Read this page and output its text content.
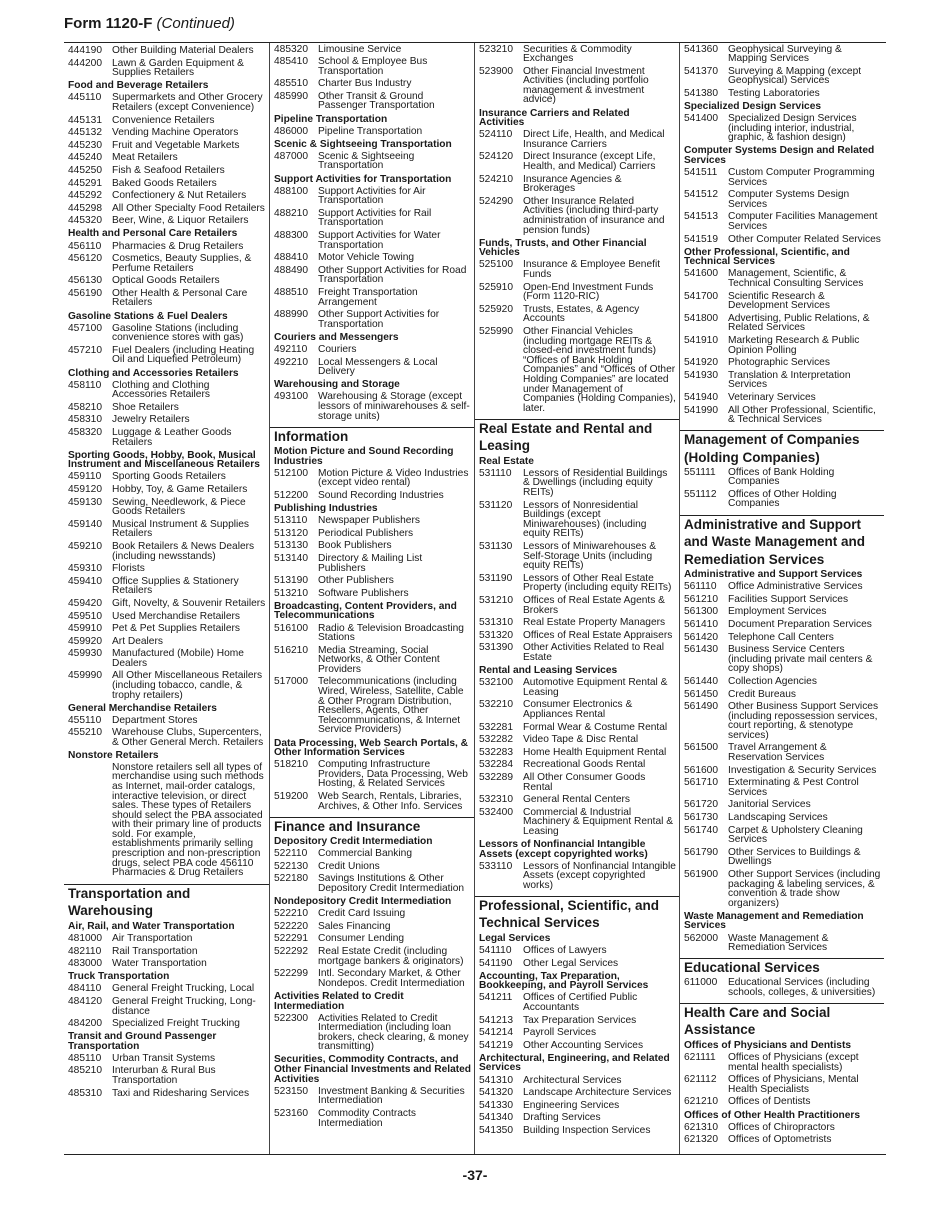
Form 1120-F (Continued)
444190 Other Building Material Dealers
444200 Lawn & Garden Equipment & Supplies Retailers
Food and Beverage Retailers
445110	Supermarkets and Other Grocery Retailers (except Convenience)
445131 Convenience Retailers
445132 Vending Machine Operators
445230 Fruit and Vegetable Markets
445240 Meat Retailers
445250 Fish & Seafood Retailers
445291 Baked Goods Retailers
445292 Confectionery & Nut Retailers
445298 All Other Specialty Food Retailers
445320 Beer, Wine, & Liquor Retailers
Health and Personal Care Retailers
456110	Pharmacies & Drug Retailers
456120 Cosmetics, Beauty Supplies, & Perfume Retailers
456130 Optical Goods Retailers
456190 Other Health & Personal Care Retailers
Gasoline Stations & Fuel Dealers
457100 Gasoline Stations (including convenience stores with gas)
457210 Fuel Dealers (including Heating Oil and Liquefied Petroleum)
Clothing and Accessories Retailers
458110	Clothing and Clothing Accessories Retailers
458210 Shoe Retailers
458310 Jewelry Retailers
458320 Luggage & Leather Goods Retailers
Sporting Goods, Hobby, Book, Musical Instrument and Miscellaneous Retailers
459110	Sporting Goods Retailers
459120 Hobby, Toy, & Game Retailers
459130 Sewing, Needlework, & Piece Goods Retailers
459140 Musical Instrument & Supplies Retailers
459210 Book Retailers & News Dealers (including newsstands)
459310 Florists
459410 Office Supplies & Stationery Retailers
459420 Gift, Novelty, & Souvenir Retailers
459510 Used Merchandise Retailers
459910 Pet & Pet Supplies Retailers
459920 Art Dealers
459930 Manufactured (Mobile) Home Dealers
459990 All Other Miscellaneous Retailers (including tobacco, candle, & trophy retailers)
General Merchandise Retailers
455110	Department Stores
455210 Warehouse Clubs, Supercenters, & Other General Merch. Retailers
Nonstore Retailers
Nonstore retailers sell all types of merchandise using such methods as Internet, mail-order catalogs, interactive television, or direct sales. These types of Retailers should select the PBA associated with their primary line of products sold. For example, establishments primarily selling prescription and non-prescription drugs, select PBA code 456110 Pharmacies & Drug Retailers
Transportation and Warehousing
Air, Rail, and Water Transportation
481000 Air Transportation
482110	Rail Transportation
483000 Water Transportation
Truck Transportation
484110	General Freight Trucking, Local
484120 General Freight Trucking, Long-distance
484200 Specialized Freight Trucking
Transit and Ground Passenger Transportation
485110	Urban Transit Systems
485210 Interurban & Rural Bus Transportation
485310 Taxi and Ridesharing Services
485320 Limousine Service
485410 School & Employee Bus Transportation
485510 Charter Bus Industry
485990 Other Transit & Ground Passenger Transportation
Pipeline Transportation
486000 Pipeline Transportation
Scenic & Sightseeing Transportation
487000 Scenic & Sightseeing Transportation
Support Activities for Transportation
488100 Support Activities for Air Transportation
488210 Support Activities for Rail Transportation
488300 Support Activities for Water Transportation
488410 Motor Vehicle Towing
488490 Other Support Activities for Road Transportation
488510 Freight Transportation Arrangement
488990 Other Support Activities for Transportation
Couriers and Messengers
492110	Couriers
492210 Local Messengers & Local Delivery
Warehousing and Storage
493100 Warehousing & Storage (except lessors of miniwarehouses & self-storage units)
Information
Motion Picture and Sound Recording Industries
512100 Motion Picture & Video Industries (except video rental)
512200 Sound Recording Industries
Publishing Industries
513110	Newspaper Publishers
513120 Periodical Publishers
513130 Book Publishers
513140 Directory & Mailing List Publishers
513190 Other Publishers
513210 Software Publishers
Broadcasting, Content Providers, and Telecommunications
516100 Radio & Television Broadcasting Stations
516210 Media Streaming, Social Networks, & Other Content Providers
517000 Telecommunications (including Wired, Wireless, Satellite, Cable & Other Program Distribution, Resellers, Agents, Other Telecommunications, & Internet Service Providers)
Data Processing, Web Search Portals, & Other Information Services
518210 Computing Infrastructure Providers, Data Processing, Web Hosting, & Related Services
519200 Web Search, Rentals, Libraries, Archives, & Other Info. Services
Finance and Insurance
Depository Credit Intermediation
522110	Commercial Banking
522130 Credit Unions
522180 Savings Institutions & Other Depository Credit Intermediation
Nondepository Credit Intermediation
522210 Credit Card Issuing
522220 Sales Financing
522291 Consumer Lending
522292 Real Estate Credit (including mortgage bankers & originators)
522299 Intl. Secondary Market, & Other Nondepos. Credit Intermediation
Activities Related to Credit Intermediation
522300 Activities Related to Credit Intermediation (including loan brokers, check clearing, & money transmitting)
Securities, Commodity Contracts, and Other Financial Investments and Related Activities
523150 Investment Banking & Securities Intermediation
523160 Commodity Contracts Intermediation
523210 Securities & Commodity Exchanges
523900 Other Financial Investment Activities (including portfolio management & investment advice)
Insurance Carriers and Related Activities
524110	Direct Life, Health, and Medical Insurance Carriers
524120 Direct Insurance (except Life, Health, and Medical) Carriers
524210 Insurance Agencies & Brokerages
524290 Other Insurance Related Activities (including third-party administration of insurance and pension funds)
Funds, Trusts, and Other Financial Vehicles
525100 Insurance & Employee Benefit Funds
525910 Open-End Investment Funds (Form 1120-RIC)
525920 Trusts, Estates, & Agency Accounts
525990 Other Financial Vehicles (including mortgage REITs & closed-end investment funds) “Offices of Bank Holding Companies” and “Offices of Other Holding Companies” are located under Management of Companies (Holding Companies), later.
Real Estate and Rental and Leasing
Real Estate
531110	Lessors of Residential Buildings & Dwellings (including equity REITs)
531120	Lessors of Nonresidential Buildings (except Miniwarehouses) (including equity REITs)
531130	Lessors of Miniwarehouses & Self-Storage Units (including equity REITs)
531190	Lessors of Other Real Estate Property (including equity REITs)
531210 Offices of Real Estate Agents & Brokers
531310 Real Estate Property Managers
531320 Offices of Real Estate Appraisers
531390 Other Activities Related to Real Estate
Rental and Leasing Services
532100 Automotive Equipment Rental & Leasing
532210 Consumer Electronics & Appliances Rental
532281 Formal Wear & Costume Rental
532282 Video Tape & Disc Rental
532283 Home Health Equipment Rental
532284 Recreational Goods Rental
532289 All Other Consumer Goods Rental
532310 General Rental Centers
532400 Commercial & Industrial Machinery & Equipment Rental & Leasing
Lessors of Nonfinancial Intangible Assets (except copyrighted works)
533110	Lessors of Nonfinancial Intangible Assets (except copyrighted works)
Professional, Scientific, and Technical Services
Legal Services
541110	Offices of Lawyers
541190	Other Legal Services
Accounting, Tax Preparation, Bookkeeping, and Payroll Services
541211	Offices of Certified Public Accountants
541213 Tax Preparation Services
541214 Payroll Services
541219 Other Accounting Services
Architectural, Engineering, and Related Services
541310 Architectural Services
541320 Landscape Architecture Services
541330 Engineering Services
541340 Drafting Services
541350 Building Inspection Services
541360 Geophysical Surveying & Mapping Services
541370 Surveying & Mapping (except Geophysical) Services
541380 Testing Laboratories
Specialized Design Services
541400 Specialized Design Services (including interior, industrial, graphic, & fashion design)
Computer Systems Design and Related Services
541511	Custom Computer Programming Services
541512 Computer Systems Design Services
541513 Computer Facilities Management Services
541519 Other Computer Related Services
Other Professional, Scientific, and Technical Services
541600 Management, Scientific, & Technical Consulting Services
541700 Scientific Research & Development Services
541800 Advertising, Public Relations, & Related Services
541910 Marketing Research & Public Opinion Polling
541920 Photographic Services
541930 Translation & Interpretation Services
541940 Veterinary Services
541990 All Other Professional, Scientific, & Technical Services
Management of Companies (Holding Companies)
551111	Offices of Bank Holding Companies
551112	Offices of Other Holding Companies
Administrative and Support and Waste Management and Remediation Services
Administrative and Support Services
561110	Office Administrative Services
561210 Facilities Support Services
561300 Employment Services
561410 Document Preparation Services
561420 Telephone Call Centers
561430 Business Service Centers (including private mail centers & copy shops)
561440 Collection Agencies
561450 Credit Bureaus
561490 Other Business Support Services (including repossession services, court reporting, & stenotype services)
561500 Travel Arrangement & Reservation Services
561600 Investigation & Security Services
561710 Exterminating & Pest Control Services
561720 Janitorial Services
561730 Landscaping Services
561740 Carpet & Upholstery Cleaning Services
561790 Other Services to Buildings & Dwellings
561900 Other Support Services (including packaging & labeling services, & convention & trade show organizers)
Waste Management and Remediation Services
562000 Waste Management & Remediation Services
Educational Services
611000	Educational Services (including schools, colleges, & universities)
Health Care and Social Assistance
Offices of Physicians and Dentists
621111	Offices of Physicians (except mental health specialists)
621112	Offices of Physicians, Mental Health Specialists
621210 Offices of Dentists
Offices of Other Health Practitioners
621310 Offices of Chiropractors
621320 Offices of Optometrists
-37-
